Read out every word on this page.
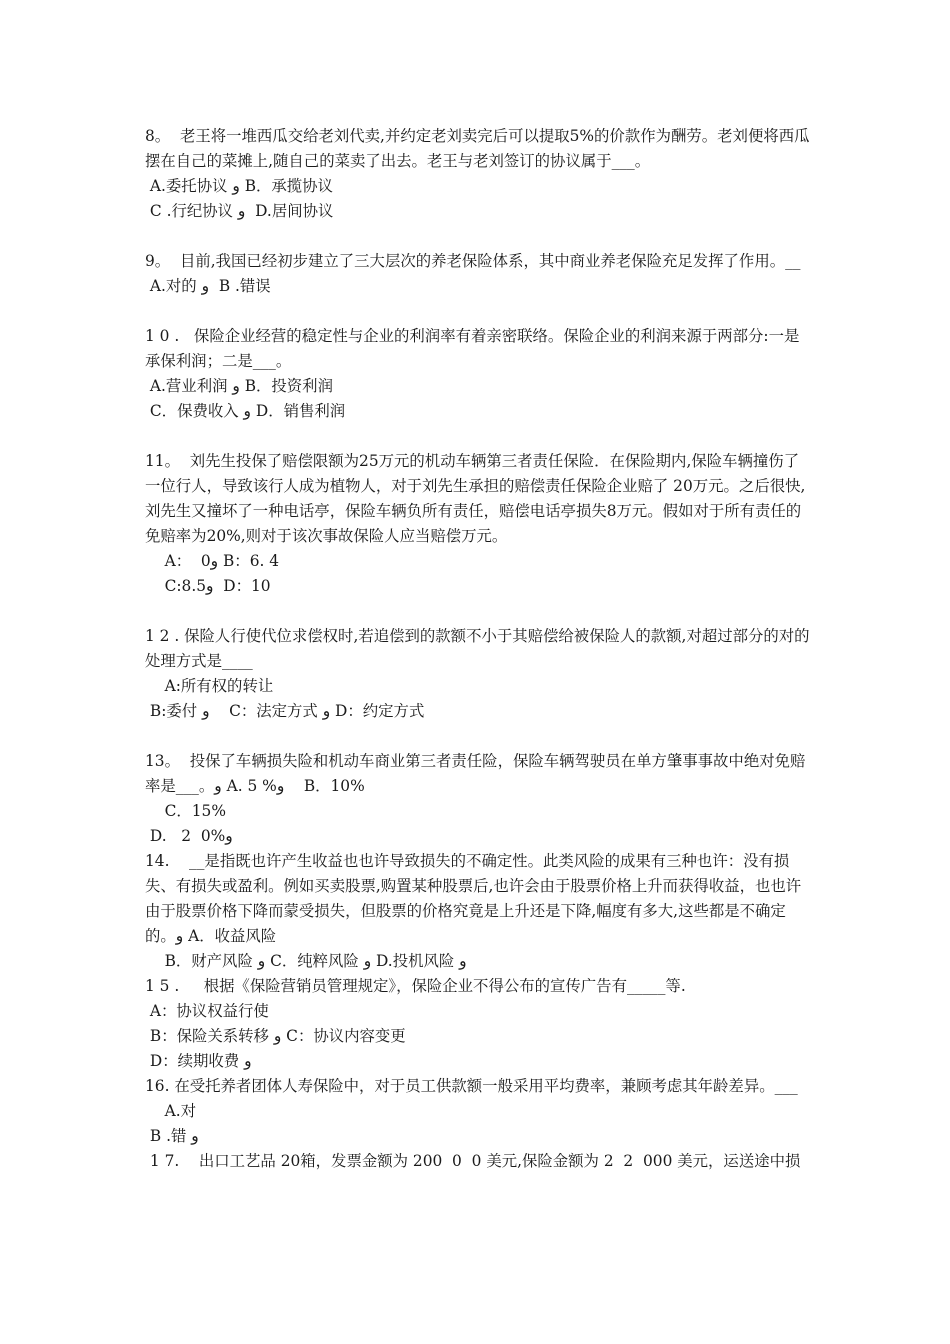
8。  老王将一堆西瓜交给老刘代卖,并约定老刘卖完后可以提取5%的价款作为酬劳。老刘便将西瓜摆在自己的菜摊上,随自己的菜卖了出去。老王与老刘签订的协议属于___。

A.委托协议 و B．承揽协议

C .行纪协议 و  D.居间协议

9。  目前,我国已经初步建立了三大层次的养老保险体系，其中商业养老保险充足发挥了作用。__

A.对的 و  B .错误

1 0 .   保险企业经营的稳定性与企业的利润率有着亲密联络。保险企业的利润来源于两部分:一是承保利润；二是___。

A.营业利润 و B．投资利润

C．保费收入 و D．销售利润

11。  刘先生投保了赔偿限额为25万元的机动车辆第三者责任保险．在保险期内,保险车辆撞伤了一位行人，导致该行人成为植物人，对于刘先生承担的赔偿责任保险企业赔了 20万元。之后很快,刘先生又撞坏了一种电话亭，保险车辆负所有责任，赔偿电话亭损失8万元。假如对于所有责任的免赔率为20%,则对于该次事故保险人应当赔偿万元。

A：  0و B：6. 4

C:8.5و  D：10

1 2 . 保险人行使代位求偿权时,若追偿到的款额不小于其赔偿给被保险人的款额,对超过部分的对的处理方式是____

A:所有权的转让

B:委付 و    C：法定方式 و D：约定方式

13。  投保了车辆损失险和机动车商业第三者责任险，保险车辆驾驶员在单方肇事事故中绝对免赔率是___。و A. 5 %و    B．10%

C．15%

D.   2  0%و

14.    __是指既也许产生收益也也许导致损失的不确定性。此类风险的成果有三种也许：没有损失、有损失或盈利。例如买卖股票,购置某种股票后,也许会由于股票价格上升而获得收益，也也许由于股票价格下降而蒙受损失，但股票的价格究竟是上升还是下降,幅度有多大,这些都是不确定的。و A．收益风险

B．财产风险 و C．纯粹风险 و D.投机风险 و

1 5 .     根据《保险营销员管理规定》，保险企业不得公布的宣传广告有_____等.

A：协议权益行使

B：保险关系转移 و C：协议内容变更

D：续期收费 و

16. 在受托养者团体人寿保险中，对于员工供款额一般采用平均费率，兼顾考虑其年龄差异。___

A.对

B .错 و

1 7.    出口工艺品 20箱，发票金额为 200  0  0 美元,保险金额为 2  2  000 美元，运送途中损
